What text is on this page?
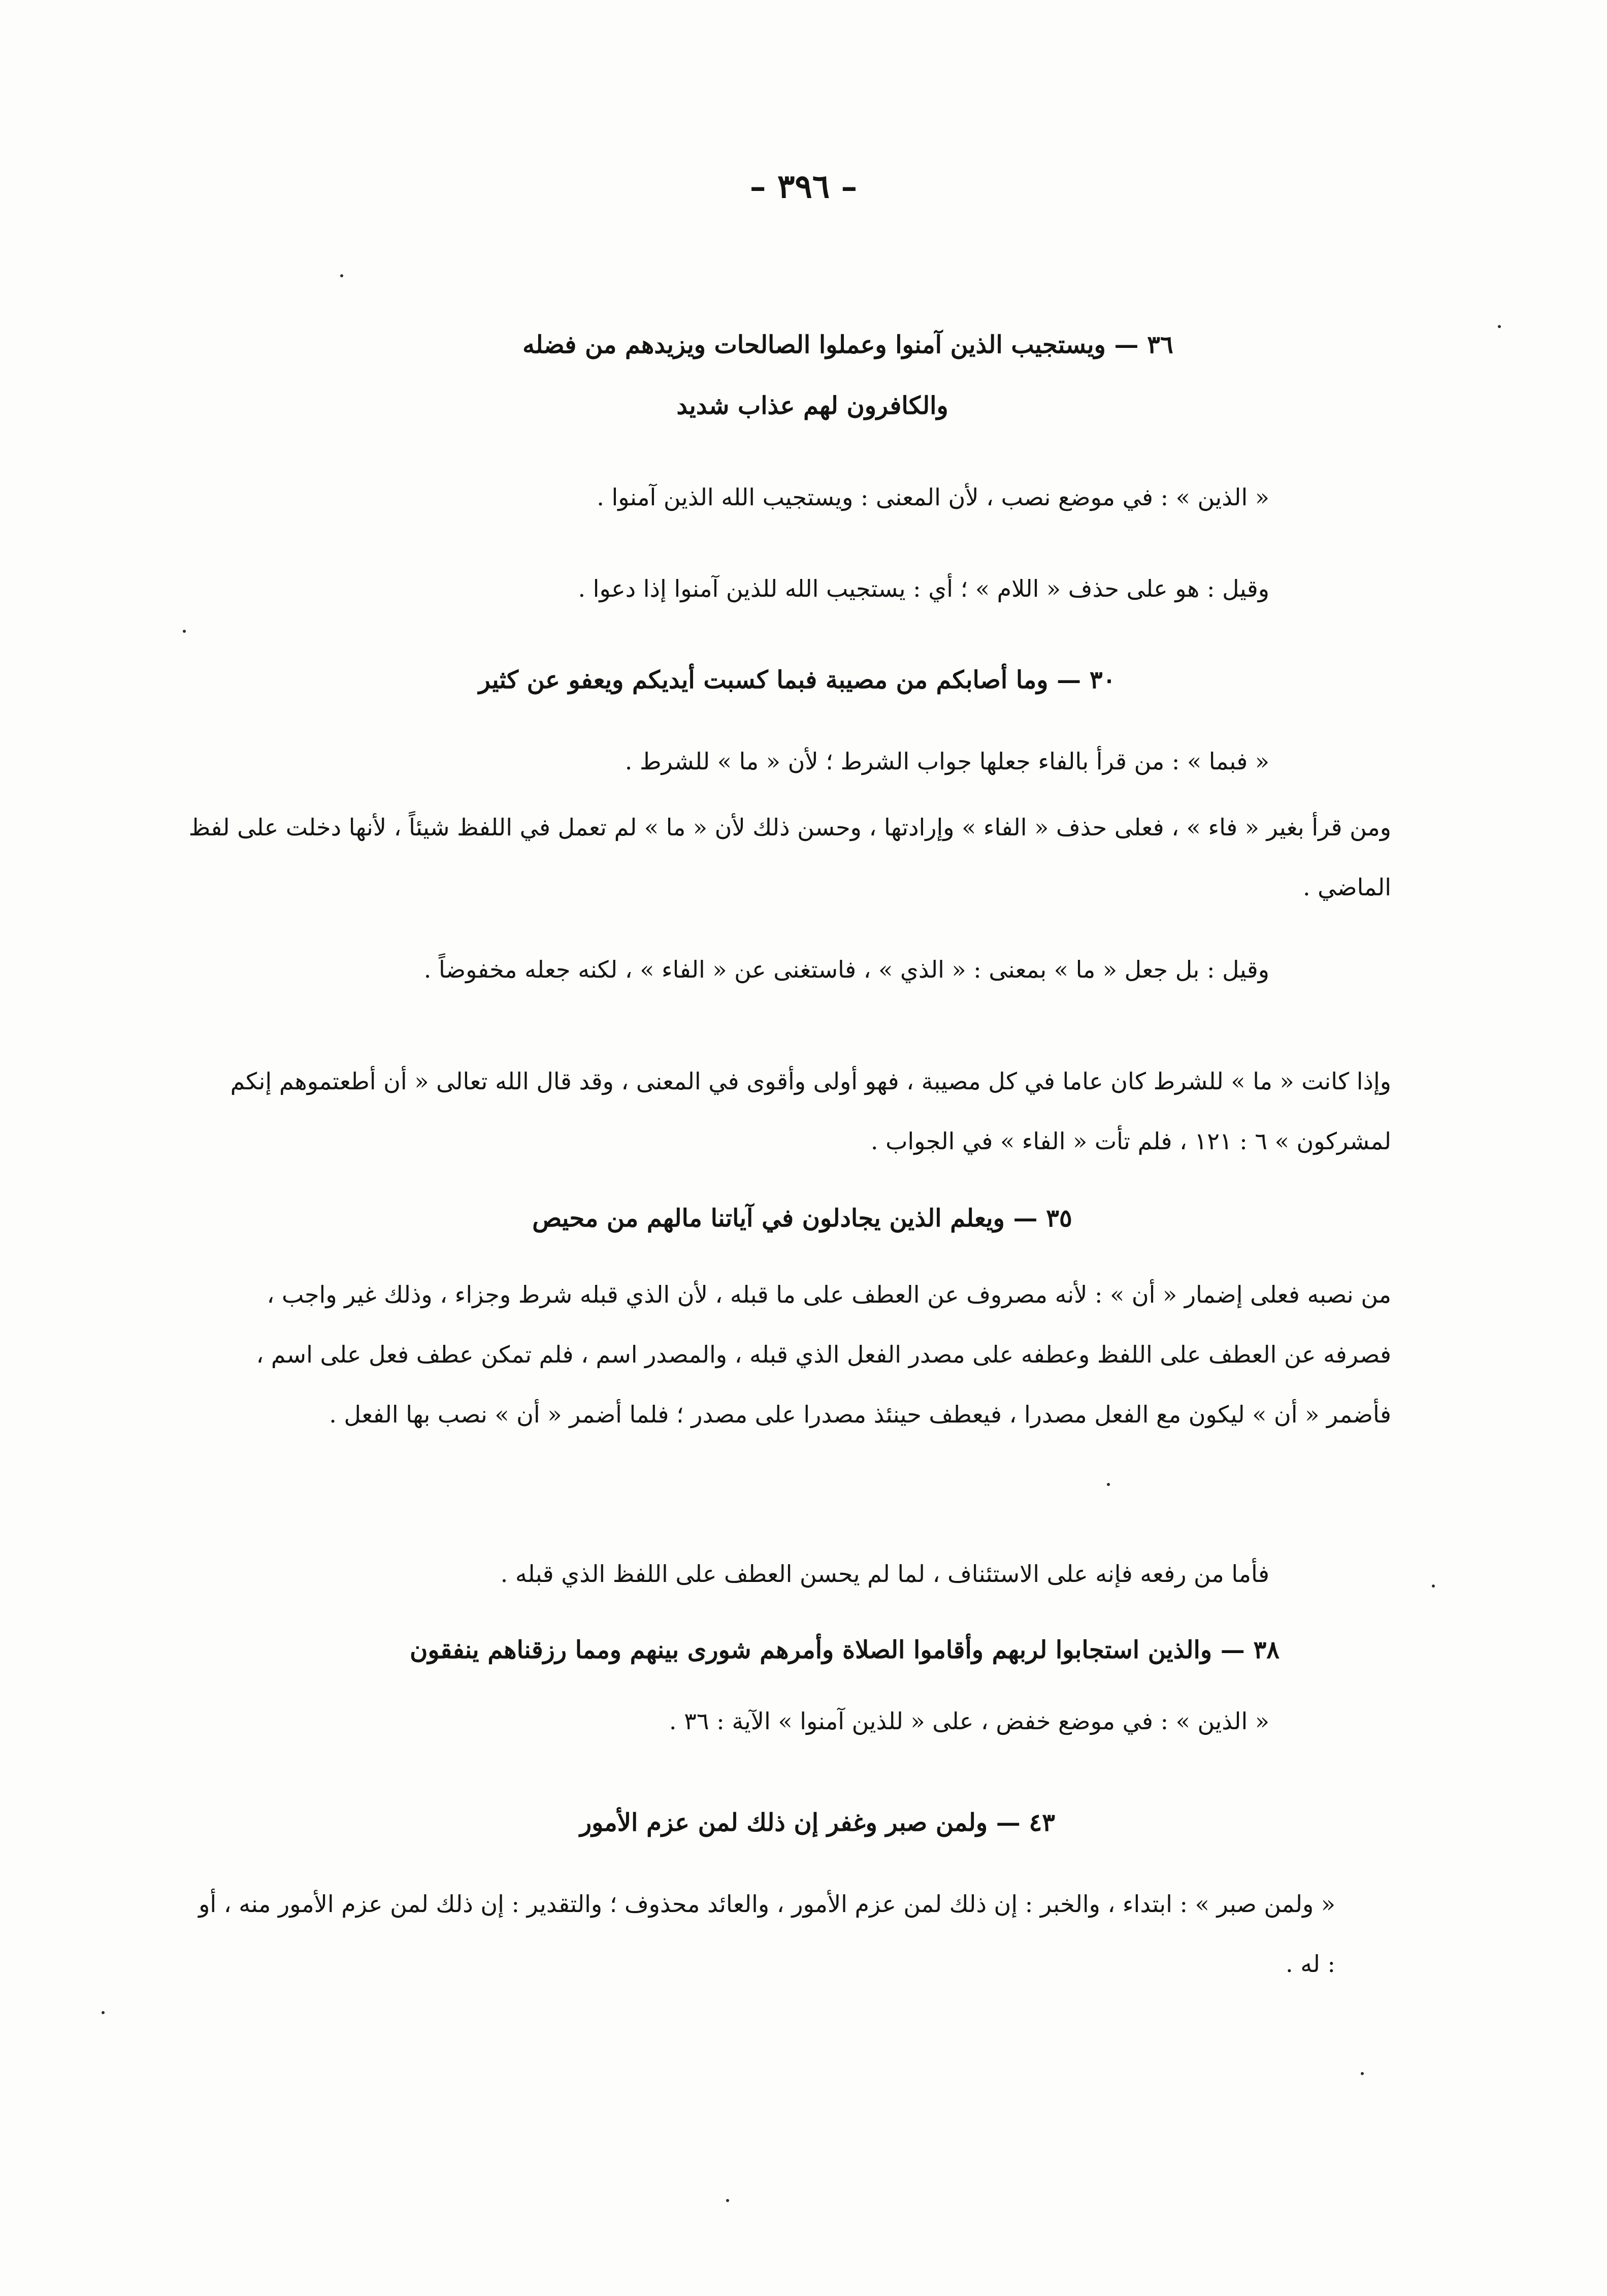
– ٣٩٦ –
٣٦ — ويستجيب الذين آمنوا وعملوا الصالحات ويزيدهم من فضله
والكافرون لهم عذاب شديد
« الذين » : في موضع نصب ، لأن المعنى : ويستجيب الله الذين آمنوا .
وقيل : هو على حذف « اللام » ؛ أي : يستجيب الله للذين آمنوا إذا دعوا .
٣٠ — وما أصابكم من مصيبة فبما كسبت أيديكم ويعفو عن كثير
« فبما » : من قرأ بالفاء جعلها جواب الشرط ؛ لأن « ما » للشرط .
ومن قرأ بغير « فاء » ، فعلى حذف « الفاء » وإرادتها ، وحسن ذلك لأن « ما » لم تعمل في اللفظ شيئاً ، لأنها دخلت على لفظ الماضي .
وقيل : بل جعل « ما » بمعنى : « الذي » ، فاستغنى عن « الفاء » ، لكنه جعله مخفوضاً .
وإذا كانت « ما » للشرط كان عاما في كل مصيبة ، فهو أولى وأقوى في المعنى ، وقد قال الله تعالى « أن أطعتموهم إنكم لمشركون » ٦ : ١٢١ ، فلم تأت « الفاء » في الجواب .
٣٥ — ويعلم الذين يجادلون في آياتنا مالهم من محيص
من نصبه فعلى إضمار « أن » : لأنه مصروف عن العطف على ما قبله ، لأن الذي قبله شرط وجزاء ، وذلك غير واجب ، فصرفه عن العطف على اللفظ وعطفه على مصدر الفعل الذي قبله ، والمصدر اسم ، فلم تمكن عطف فعل على اسم ، فأضمر « أن » ليكون مع الفعل مصدرا ، فيعطف حينئذ مصدرا على مصدر ؛ فلما أضمر « أن » نصب بها الفعل .
فأما من رفعه فإنه على الاستئناف ، لما لم يحسن العطف على اللفظ الذي قبله .
٣٨ — والذين استجابوا لربهم وأقاموا الصلاة وأمرهم شورى بينهم ومما رزقناهم ينفقون
« الذين » : في موضع خفض ، على « للذين آمنوا » الآية : ٣٦ .
٤٣ — ولمن صبر وغفر إن ذلك لمن عزم الأمور
« ولمن صبر » : ابتداء ، والخبر : إن ذلك لمن عزم الأمور ، والعائد محذوف ؛ والتقدير : إن ذلك لمن عزم الأمور منه ، أو : له .
